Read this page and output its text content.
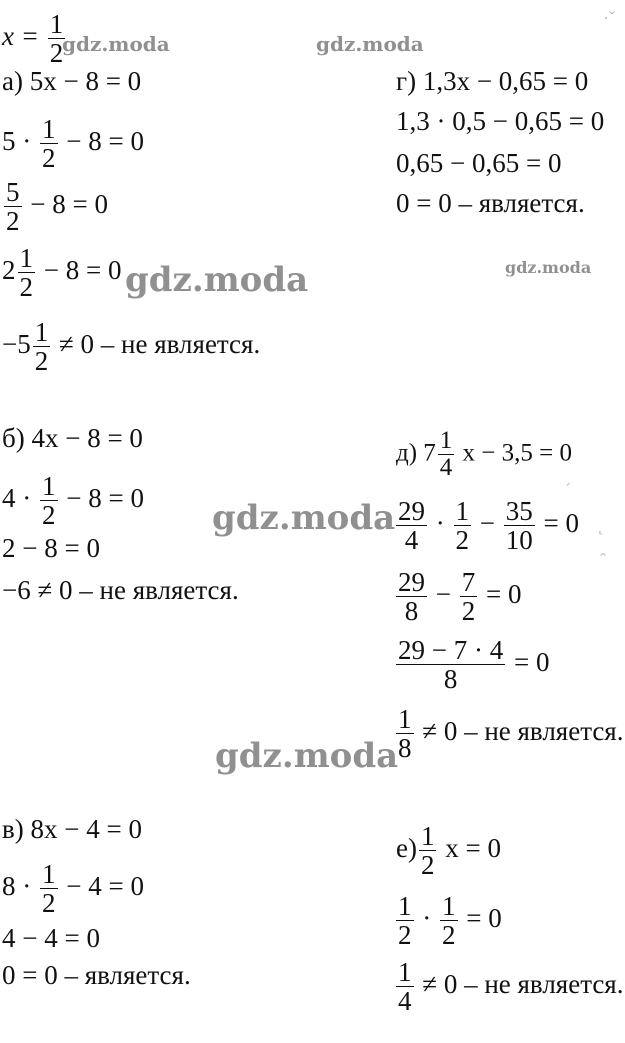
$x = \frac{1}{2}$
gdz.moda	gdz.moda
gdz.moda	gdz.moda
gdz.moda
gdz.moda
а) 5x − 8 = 0
$5 \cdot \frac{1}{2} - 8 = 0$
$\frac{5}{2} - 8 = 0$
$2 \frac{1}{2} - 8 = 0$
$-5 \frac{1}{2} \ne 0$ – не является.
б) 4x − 8 = 0
$4 \cdot \frac{1}{2} - 8 = 0$
2 − 8 = 0
−6 ≠ 0 – не является.
в) 8x − 4 = 0
$8 \cdot \frac{1}{2} - 4 = 0$
4 − 4 = 0
0 = 0 – является.
г) 1,3x − 0,65 = 0
1,3 · 0,5 − 0,65 = 0
0,65 − 0,65 = 0
0 = 0 – является.
д) $7 \frac{1}{4}$ x − 3,5 = 0
$\frac{29}{4} \cdot \frac{1}{2} - \frac{35}{10} = 0$
$\frac{29}{8} - \frac{7}{2} = 0$
$\frac{29 - 7 \cdot 4}{8} = 0$
$\frac{1}{8} \ne 0$ – не является.
$е) \frac{1}{2}$ x = 0
$\frac{1}{2} \cdot \frac{1}{2} = 0$
$\frac{1}{4} \ne 0$ – не является.
·ˇ
´
˛
ˆ
